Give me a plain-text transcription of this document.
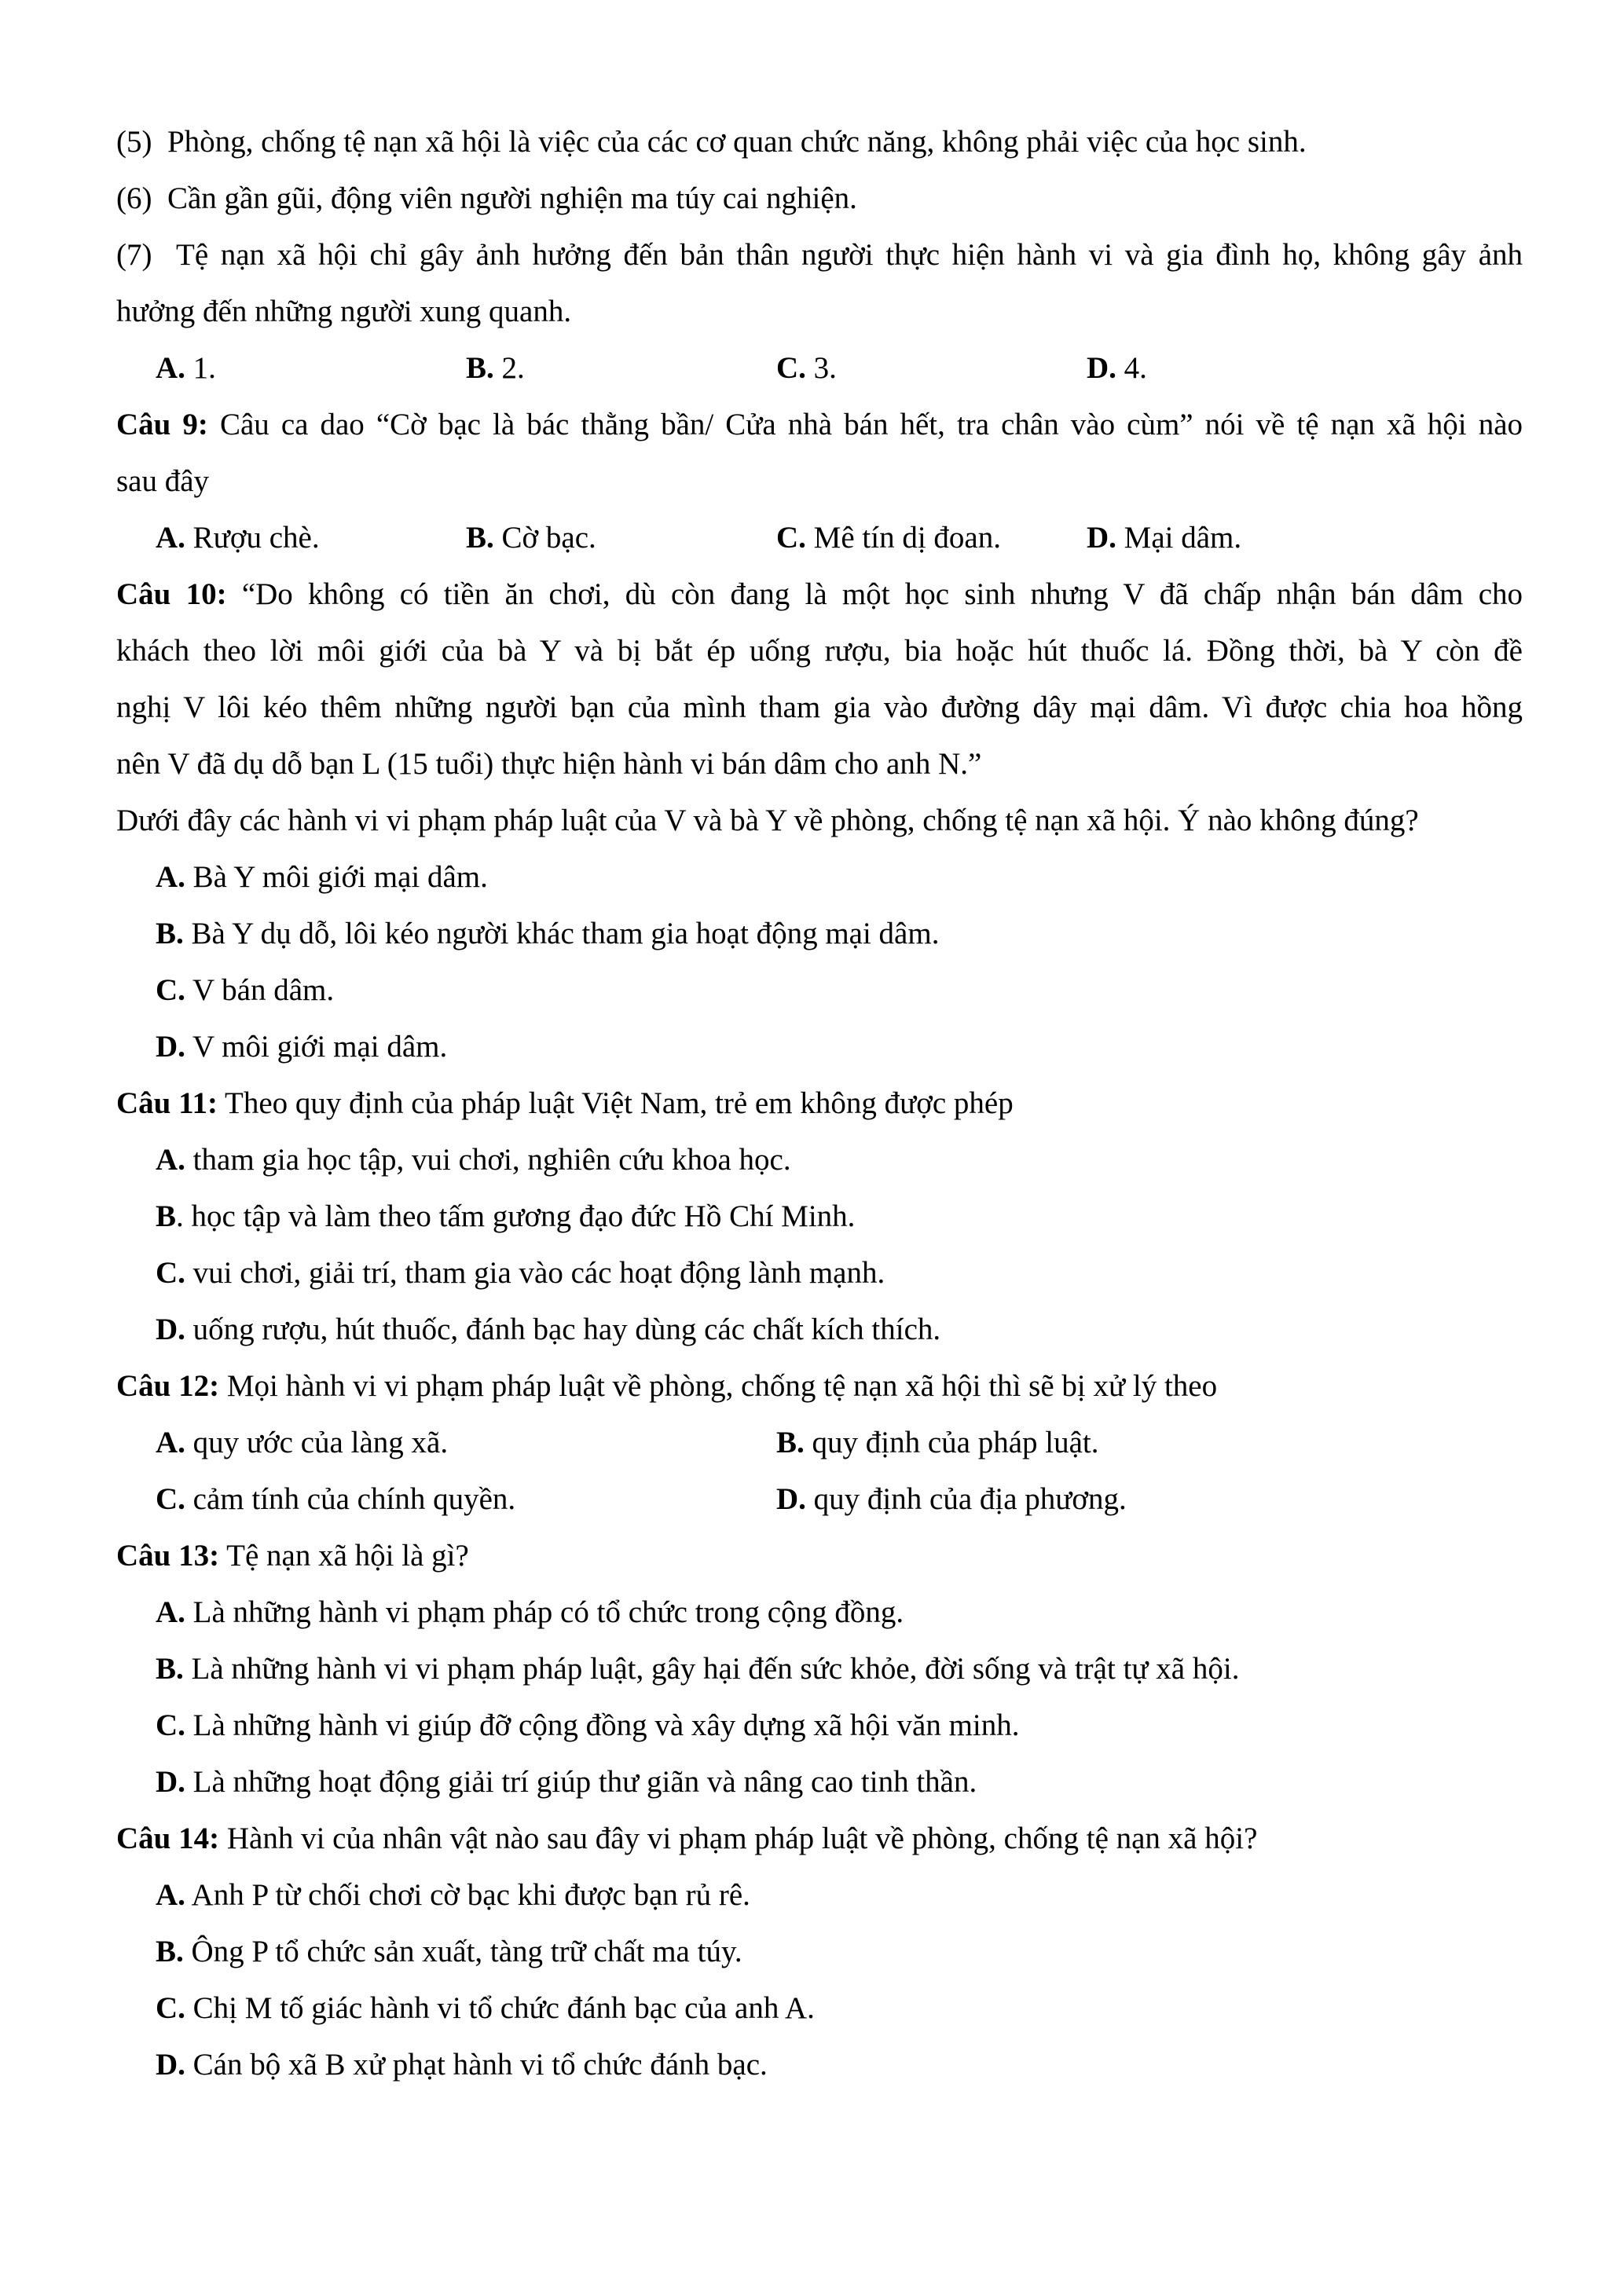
(5) Phòng, chống tệ nạn xã hội là việc của các cơ quan chức năng, không phải việc của học sinh.
(6) Cần gần gũi, động viên người nghiện ma túy cai nghiện.
(7) Tệ nạn xã hội chỉ gây ảnh hưởng đến bản thân người thực hiện hành vi và gia đình họ, không gây ảnh
hưởng đến những người xung quanh.
A. 1.	B. 2.	C. 3.	D. 4.
Câu 9: Câu ca dao “Cờ bạc là bác thằng bần/ Cửa nhà bán hết, tra chân vào cùm” nói về tệ nạn xã hội nào
sau đây
A. Rượu chè.	B. Cờ bạc.	C. Mê tín dị đoan.	D. Mại dâm.
Câu 10: “Do không có tiền ăn chơi, dù còn đang là một học sinh nhưng V đã chấp nhận bán dâm cho
khách theo lời môi giới của bà Y và bị bắt ép uống rượu, bia hoặc hút thuốc lá. Đồng thời, bà Y còn đề
nghị V lôi kéo thêm những người bạn của mình tham gia vào đường dây mại dâm. Vì được chia hoa hồng
nên V đã dụ dỗ bạn L (15 tuổi) thực hiện hành vi bán dâm cho anh N.”
Dưới đây các hành vi vi phạm pháp luật của V và bà Y về phòng, chống tệ nạn xã hội. Ý nào không đúng?
A. Bà Y môi giới mại dâm.
B. Bà Y dụ dỗ, lôi kéo người khác tham gia hoạt động mại dâm.
C. V bán dâm.
D. V môi giới mại dâm.
Câu 11: Theo quy định của pháp luật Việt Nam, trẻ em không được phép
A. tham gia học tập, vui chơi, nghiên cứu khoa học.
B. học tập và làm theo tấm gương đạo đức Hồ Chí Minh.
C. vui chơi, giải trí, tham gia vào các hoạt động lành mạnh.
D. uống rượu, hút thuốc, đánh bạc hay dùng các chất kích thích.
Câu 12: Mọi hành vi vi phạm pháp luật về phòng, chống tệ nạn xã hội thì sẽ bị xử lý theo
A. quy ước của làng xã.	B. quy định của pháp luật.
C. cảm tính của chính quyền.	D. quy định của địa phương.
Câu 13: Tệ nạn xã hội là gì?
A. Là những hành vi phạm pháp có tổ chức trong cộng đồng.
B. Là những hành vi vi phạm pháp luật, gây hại đến sức khỏe, đời sống và trật tự xã hội.
C. Là những hành vi giúp đỡ cộng đồng và xây dựng xã hội văn minh.
D. Là những hoạt động giải trí giúp thư giãn và nâng cao tinh thần.
Câu 14: Hành vi của nhân vật nào sau đây vi phạm pháp luật về phòng, chống tệ nạn xã hội?
A. Anh P từ chối chơi cờ bạc khi được bạn rủ rê.
B. Ông P tổ chức sản xuất, tàng trữ chất ma túy.
C. Chị M tố giác hành vi tổ chức đánh bạc của anh A.
D. Cán bộ xã B xử phạt hành vi tổ chức đánh bạc.
